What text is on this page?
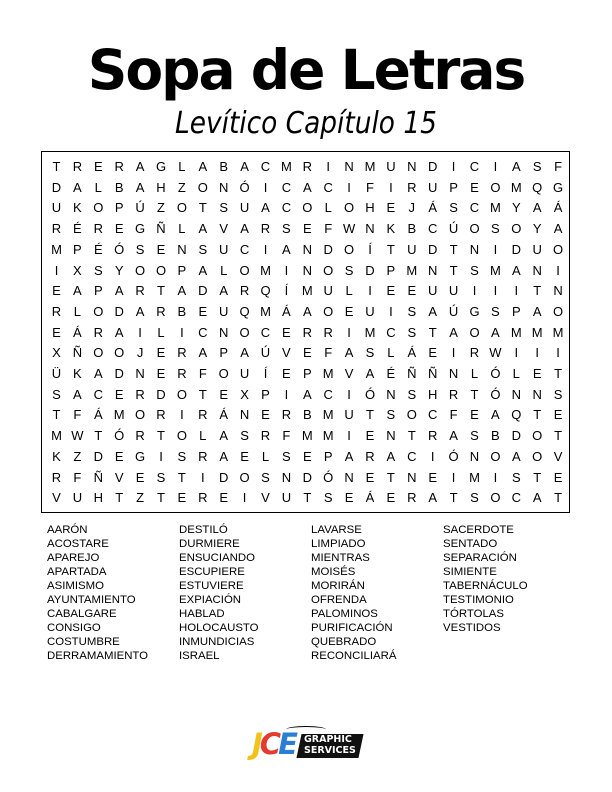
Sopa de Letras
Levítico Capítulo 15
T R E R A G L A B A C M R	I	N M U N D	I	C	I	A S F
D A L B A H Z O N Ó	I	C A C	I	F	I	R U P E O M Q G
U K O P Ú Z O T S U A C O L O H E	J	Á S C M Y A Á
R É R E G Ñ L A V A R S E F W N K B C Ú O S O Y A
M P É Ó S E N S U C	I	A N D O	Í	T U D T N	I	D U O
I	X S Y O O P A L O M	I	N O S D P M N T S M A N	I
E A P A R T A D A R Q	Í	M U L	I	E E U U	I	I	I	T N
R L O D A R B E U Q M Á A O E U	I	S A Ú G S P A O
E Á R A	I	L	I	C N O C E R R	I	M C S T A O A M M M
X Ñ O O J	E R A P A Ú V E F A S L Á E	I	R W I	I	I
Ü K A D N E R F O U	Í	E P M V A É Ñ Ñ N L Ó L E T
S A C E R D O T E X P	I	A C	I	Ó N S H R T Ó N N S
T F Á M O R	I	R Á N E R B M U T S O C F E A Q T E
M W T Ó R T O L A S R F M M	I	E N T R A S B D O T
K Z D E G	I	S R A E L S E P A R A C	I	Ó N O A O V
R F Ñ V E S T	I	D O S N D Ó N E T N E	I	M	I	S T E
V U H T Z T E R E	I	V U T S E Á E R A T S O C A T
AARÓN
ACOSTARE
APAREJO
APARTADA
ASIMISMO
AYUNTAMIENTO
CABALGARE
CONSIGO
COSTUMBRE
DERRAMAMIENTO
DESTILÓ
DURMIERE
ENSUCIANDO
ESCUPIERE
ESTUVIERE
EXPIACIÓN
HABLAD
HOLOCAUSTO
INMUNDICIAS
ISRAEL
LAVARSE
LIMPIADO
MIENTRAS
MOISÉS
MORIRÁN
OFRENDA
PALOMINOS
PURIFICACIÓN
QUEBRADO
RECONCILIARÁ
SACERDOTE
SENTADO
SEPARACIÓN
SIMIENTE
TABERNÁCULO
TESTIMONIO
TÓRTOLAS
VESTIDOS
JCE GRAPHIC
SERVICES
